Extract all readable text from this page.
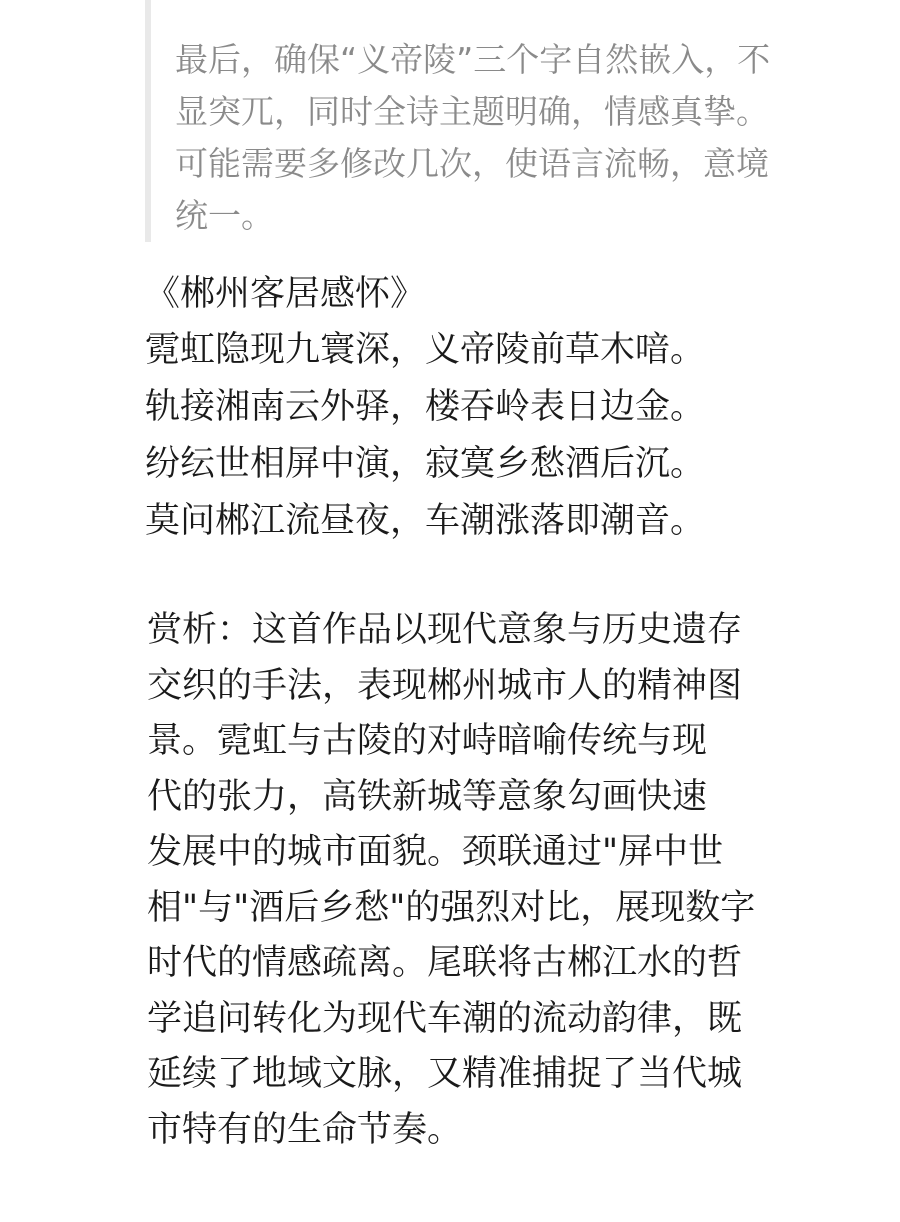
最后，确保“义帝陵”三个字自然嵌入，不
显突兀，同时全诗主题明确，情感真挚。
可能需要多修改几次，使语言流畅，意境
统一。
《郴州客居感怀》
霓虹隐现九寰深，义帝陵前草木喑。
轨接湘南云外驿，楼吞岭表日边金。
纷纭世相屏中演，寂寞乡愁酒后沉。
莫问郴江流昼夜，车潮涨落即潮音。
赏析：这首作品以现代意象与历史遗存
交织的手法，表现郴州城市人的精神图
景。霓虹与古陵的对峙暗喻传统与现
代的张力，高铁新城等意象勾画快速
发展中的城市面貌。颈联通过"屏中世
相"与"酒后乡愁"的强烈对比，展现数字
时代的情感疏离。尾联将古郴江水的哲
学追问转化为现代车潮的流动韵律，既
延续了地域文脉，又精准捕捉了当代城
市特有的生命节奏。
